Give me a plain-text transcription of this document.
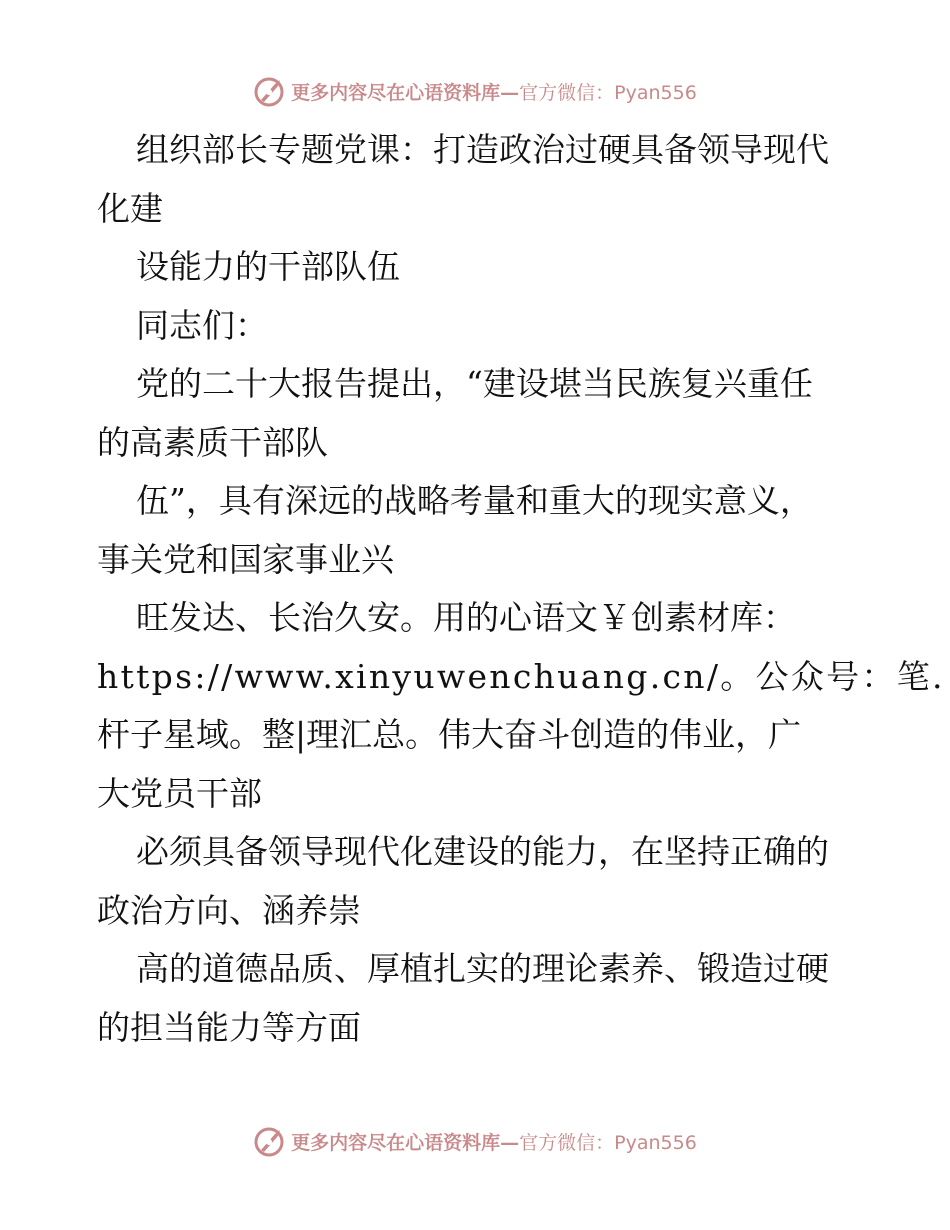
更多内容尽在心语资料库— 官方微信：Pyan556
组织部长专题党课：打造政治过硬具备领导现代
化建
设能力的干部队伍
同志们：
党的二十大报告提出，“建设堪当民族复兴重任
的高素质干部队
伍”，具有深远的战略考量和重大的现实意义，
事关党和国家事业兴
旺发达、长治久安。用的心语文￥创素材库：
https://www.xinyuwenchuang.cn/。公众号：笔.
杆子星域。整|理汇总。伟大奋斗创造的伟业，广
大党员干部
必须具备领导现代化建设的能力，在坚持正确的
政治方向、涵养崇
高的道德品质、厚植扎实的理论素养、锻造过硬
的担当能力等方面
更多内容尽在心语资料库— 官方微信：Pyan556
